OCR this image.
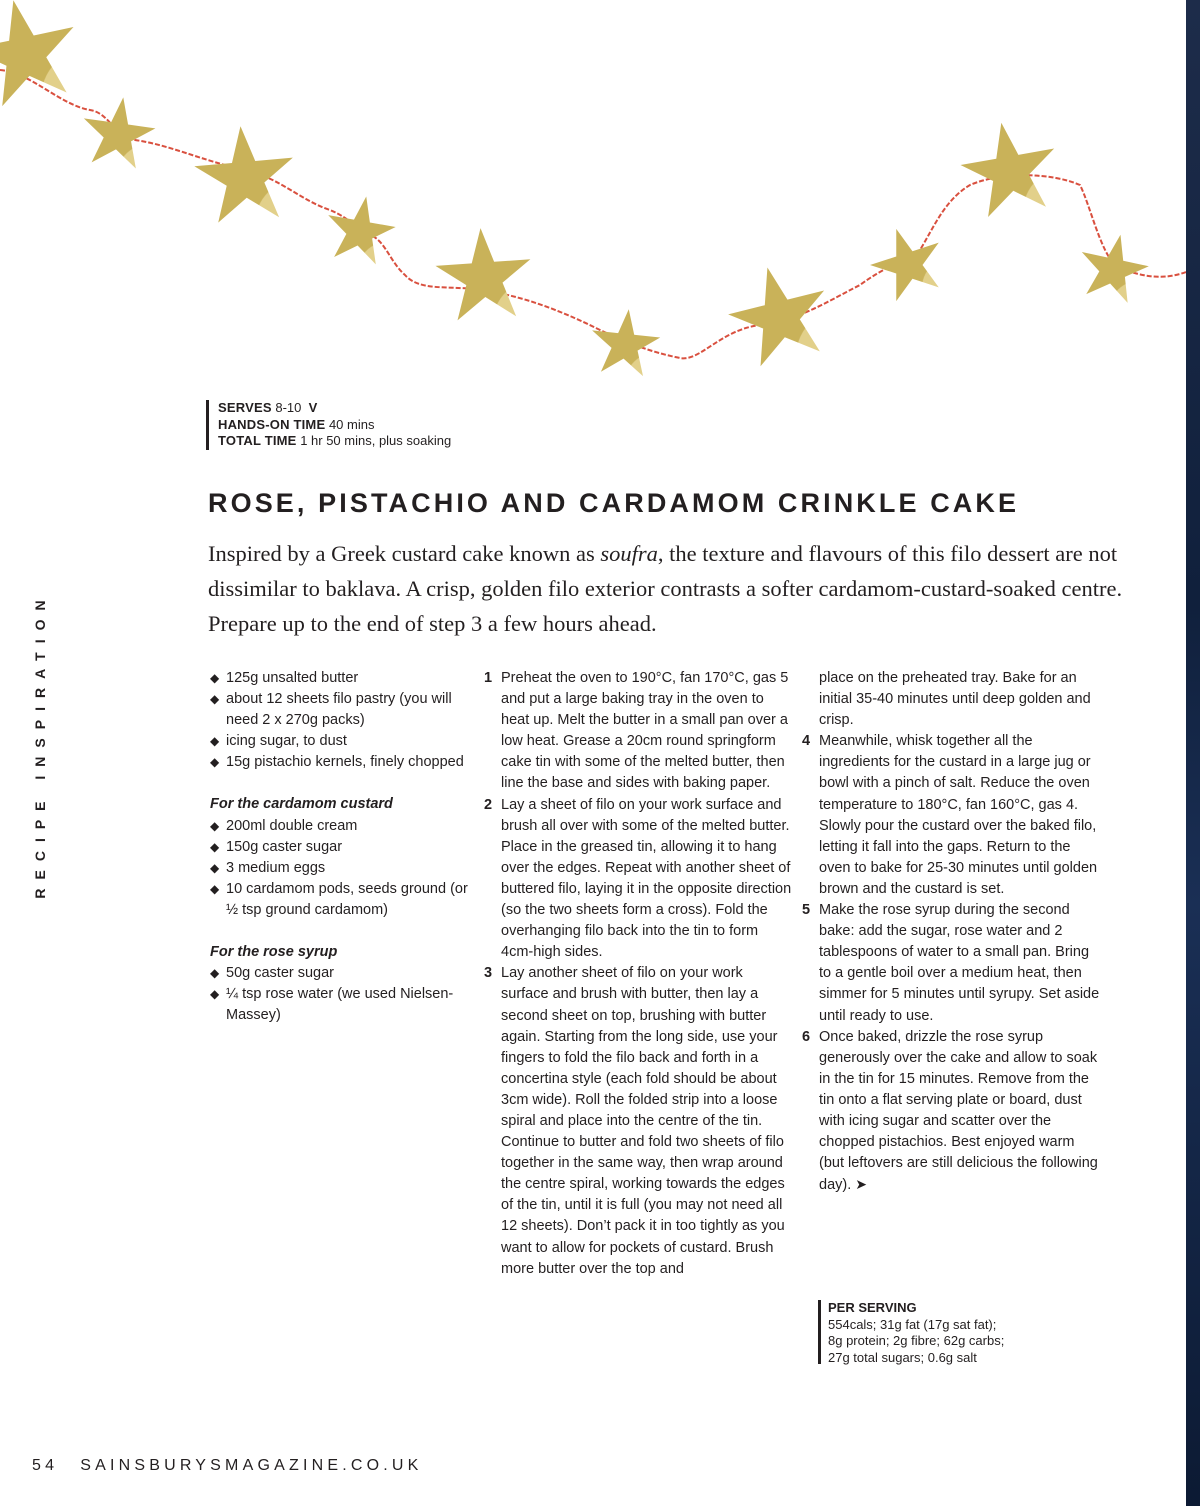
SERVES 8-10 V
HANDS-ON TIME 40 mins
TOTAL TIME 1 hr 50 mins, plus soaking
ROSE, PISTACHIO AND CARDAMOM CRINKLE CAKE

Inspired by a Greek custard cake known as soufra, the texture and flavours of this filo dessert are not dissimilar to baklava. A crisp, golden filo exterior contrasts a softer cardamom-custard-soaked centre. Prepare up to the end of step 3 a few hours ahead.

RECIPE INSPIRATION	◆ 125g unsalted butter
◆ about 12 sheets filo pastry (you will need 2 x 270g packs)
◆ icing sugar, to dust
◆ 15g pistachio kernels, finely chopped
For the cardamom custard
◆ 200ml double cream
◆ 150g caster sugar
◆ 3 medium eggs
◆ 10 cardamom pods, seeds ground (or ½ tsp ground cardamom)
For the rose syrup
◆ 50g caster sugar
◆ ¼ tsp rose water (we used Nielsen-Massey)
1 Preheat the oven to 190°C, fan 170°C, gas 5 and put a large baking tray in the oven to heat up. Melt the butter in a small pan over a low heat. Grease a 20cm round springform cake tin with some of the melted butter, then line the base and sides with baking paper.
2 Lay a sheet of filo on your work surface and brush all over with some of the melted butter. Place in the greased tin, allowing it to hang over the edges. Repeat with another sheet of buttered filo, laying it in the opposite direction (so the two sheets form a cross). Fold the overhanging filo back into the tin to form 4cm-high sides.
3 Lay another sheet of filo on your work surface and brush with butter, then lay a second sheet on top, brushing with butter again. Starting from the long side, use your fingers to fold the filo back and forth in a concertina style (each fold should be about 3cm wide). Roll the folded strip into a loose spiral and place into the centre of the tin. Continue to butter and fold two sheets of filo together in the same way, then wrap around the centre spiral, working towards the edges of the tin, until it is full (you may not need all 12 sheets). Don’t pack it in too tightly as you want to allow for pockets of custard. Brush more butter over the top and
place on the preheated tray. Bake for an initial 35-40 minutes until deep golden and crisp.
4 Meanwhile, whisk together all the ingredients for the custard in a large jug or bowl with a pinch of salt. Reduce the oven temperature to 180°C, fan 160°C, gas 4. Slowly pour the custard over the baked filo, letting it fall into the gaps. Return to the oven to bake for 25-30 minutes until golden brown and the custard is set.
5 Make the rose syrup during the second bake: add the sugar, rose water and 2 tablespoons of water to a small pan. Bring to a gentle boil over a medium heat, then simmer for 5 minutes until syrupy. Set aside until ready to use.
6 Once baked, drizzle the rose syrup generously over the cake and allow to soak in the tin for 15 minutes. Remove from the tin onto a flat serving plate or board, dust with icing sugar and scatter over the chopped pistachios. Best enjoyed warm (but leftovers are still delicious the following day). ➤
PER SERVING
554cals; 31g fat (17g sat fat);
8g protein; 2g fibre; 62g carbs;
27g total sugars; 0.6g salt
54 SAINSBURYSMAGAZINE.CO.UK
